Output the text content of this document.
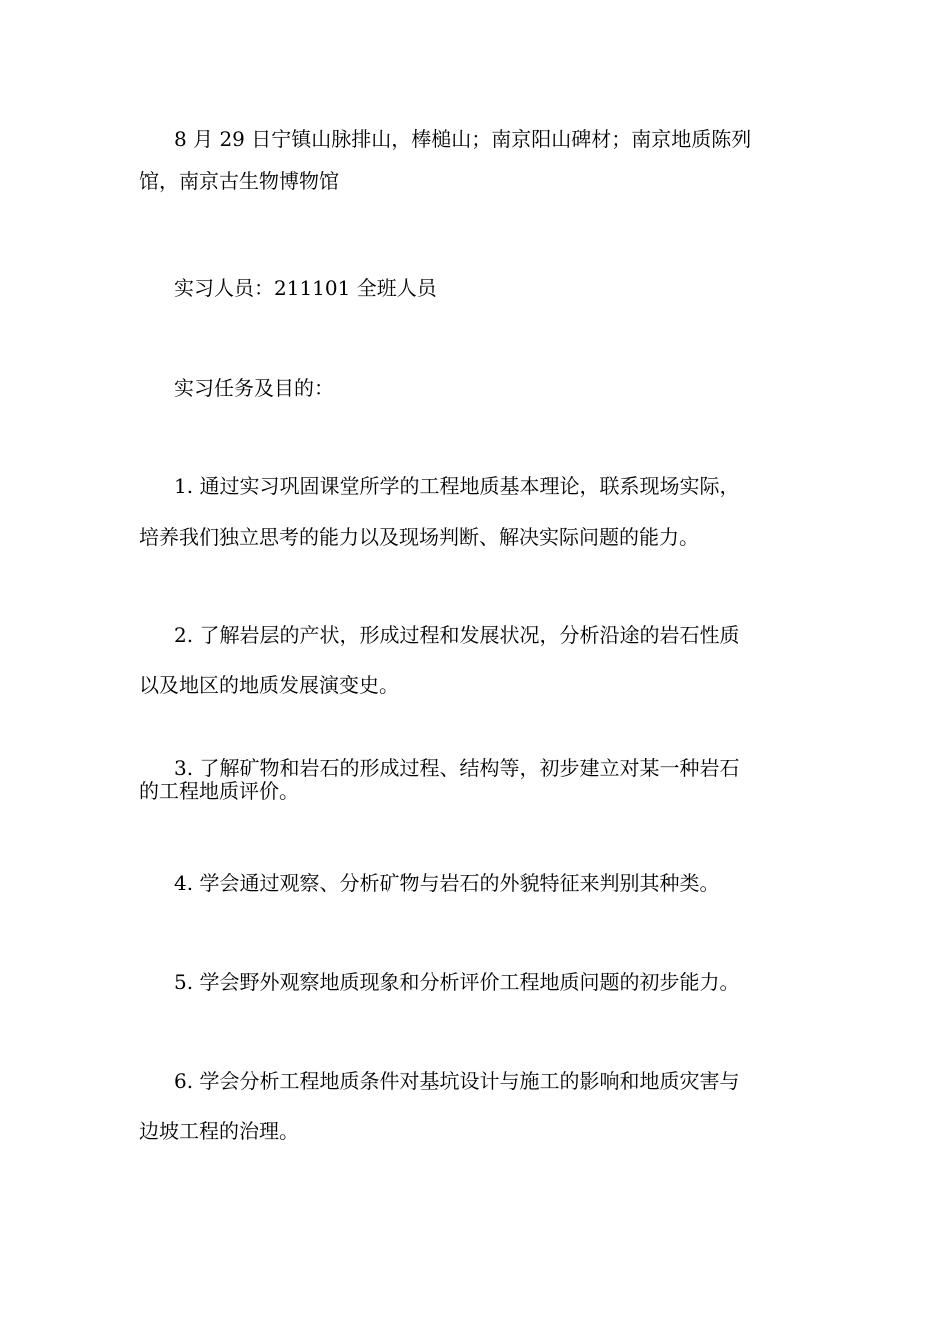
8 月 29 日宁镇山脉排山，棒槌山；南京阳山碑材；南京地质陈列
馆，南京古生物博物馆
实习人员：211101 全班人员
实习任务及目的：
1. 通过实习巩固课堂所学的工程地质基本理论，联系现场实际，
培养我们独立思考的能力以及现场判断、解决实际问题的能力。
2. 了解岩层的产状，形成过程和发展状况，分析沿途的岩石性质
以及地区的地质发展演变史。
3. 了解矿物和岩石的形成过程、结构等，初步建立对某一种岩石
的工程地质评价。
4. 学会通过观察、分析矿物与岩石的外貌特征来判别其种类。
5. 学会野外观察地质现象和分析评价工程地质问题的初步能力。
6. 学会分析工程地质条件对基坑设计与施工的影响和地质灾害与
边坡工程的治理。
